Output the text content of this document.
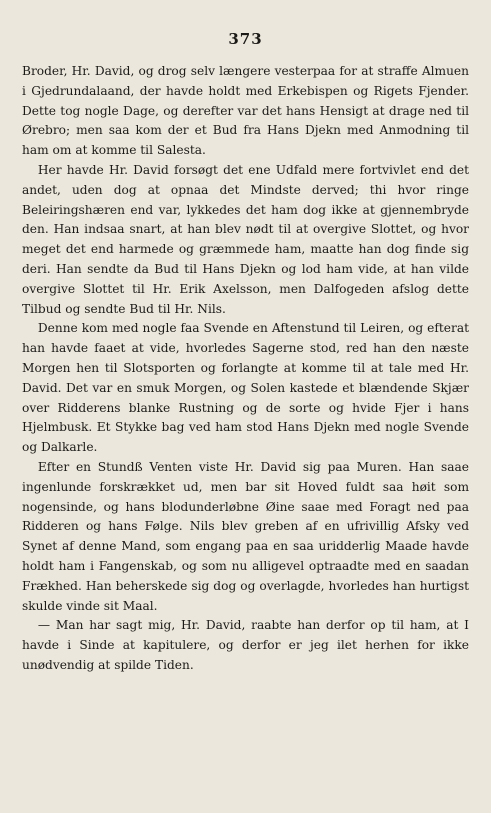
373

Broder, Hr. David, og drog selv længere vesterpaa for at straffe Almuen i Gjedrundalaand, der havde holdt med Erkebispen og Rigets Fjender. Dette tog nogle Dage, og derefter var det hans Hensigt at drage ned til Ørebro; men saa kom der et Bud fra Hans Djekn med Anmodning til ham om at komme til Salesta.

Her havde Hr. David forsøgt det ene Udfald mere fortvivlet end det andet, uden dog at opnaa det Mindste derved; thi hvor ringe Beleiringshæren end var, lykkedes det ham dog ikke at gjennembryde den. Han indsaa snart, at han blev nødt til at overgive Slottet, og hvor meget det end harmede og græmmede ham, maatte han dog finde sig deri. Han sendte da Bud til Hans Djekn og lod ham vide, at han vilde overgive Slottet til Hr. Erik Axelsson, men Dalfogeden afslog dette Tilbud og sendte Bud til Hr. Nils.

Denne kom med nogle faa Svende en Aftenstund til Leiren, og efterat han havde faaet at vide, hvorledes Sagerne stod, red han den næste Morgen hen til Slotsporten og forlangte at komme til at tale med Hr. David. Det var en smuk Morgen, og Solen kastede et blændende Skjær over Ridderens blanke Rustning og de sorte og hvide Fjer i hans Hjelmbusk. Et Stykke bag ved ham stod Hans Djekn med nogle Svende og Dalkarle.

Efter en Stundß Venten viste Hr. David sig paa Muren. Han saae ingenlunde forskrækket ud, men bar sit Hoved fuldt saa høit som nogensinde, og hans blodunderløbne Øine saae med Foragt ned paa Ridderen og hans Følge. Nils blev greben af en ufrivillig Afsky ved Synet af denne Mand, som engang paa en saa uridderlig Maade havde holdt ham i Fangenskab, og som nu alligevel optraadte med en saadan Frækhed. Han beherskede sig dog og overlagde, hvorledes han hurtigst skulde vinde sit Maal.

— Man har sagt mig, Hr. David, raabte han derfor op til ham, at I havde i Sinde at kapitulere, og derfor er jeg ilet herhen for ikke unødvendig at spilde Tiden.
